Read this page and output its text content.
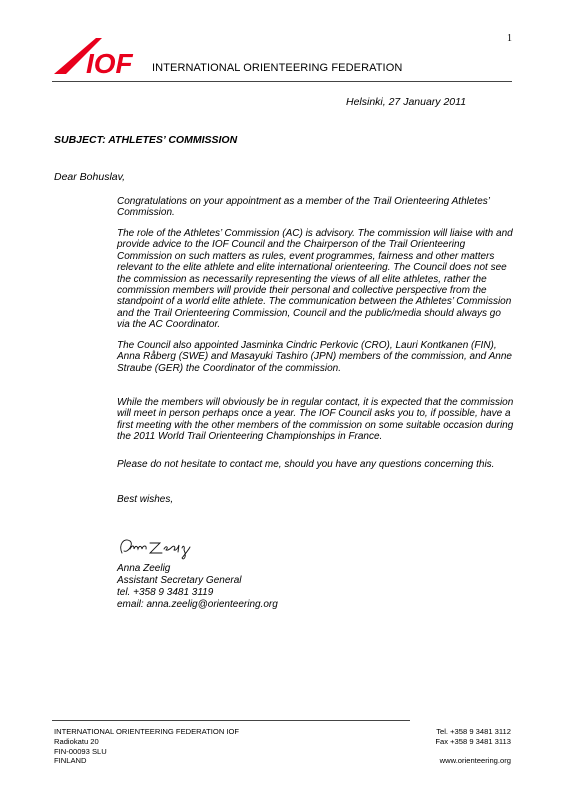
1
IOF INTERNATIONAL ORIENTEERING FEDERATION
Helsinki, 27 January 2011
SUBJECT: ATHLETES’ COMMISSION
Dear Bohuslav,

Congratulations on your appointment as a member of the Trail Orienteering Athletes’ Commission.

The role of the Athletes’ Commission (AC) is advisory. The commission will liaise with and provide advice to the IOF Council and the Chairperson of the Trail Orienteering Commission on such matters as rules, event programmes, fairness and other matters relevant to the elite athlete and elite international orienteering. The Council does not see the commission as necessarily representing the views of all elite athletes, rather the commission members will provide their personal and collective perspective from the standpoint of a world elite athlete. The communication between the Athletes’ Commission and the Trail Orienteering Commission, Council and the public/media should always go via the AC Coordinator.

The Council also appointed Jasminka Cindric Perkovic (CRO), Lauri Kontkanen (FIN), Anna Råberg (SWE) and Masayuki Tashiro (JPN) members of the commission, and Anne Straube (GER) the Coordinator of the commission.

While the members will obviously be in regular contact, it is expected that the commission will meet in person perhaps once a year. The IOF Council asks you to, if possible, have a first meeting with the other members of the commission on some suitable occasion during the 2011 World Trail Orienteering Championships in France.

Please do not hesitate to contact me, should you have any questions concerning this.

Best wishes,
Anna Zeelig
Assistant Secretary General
tel. +358 9 3481 3119
email: anna.zeelig@orienteering.org
INTERNATIONAL ORIENTEERING FEDERATION IOF
Radiokatu 20
FIN-00093 SLU
FINLAND
Tel. +358 9 3481 3112
Fax +358 9 3481 3113

www.orienteering.org
